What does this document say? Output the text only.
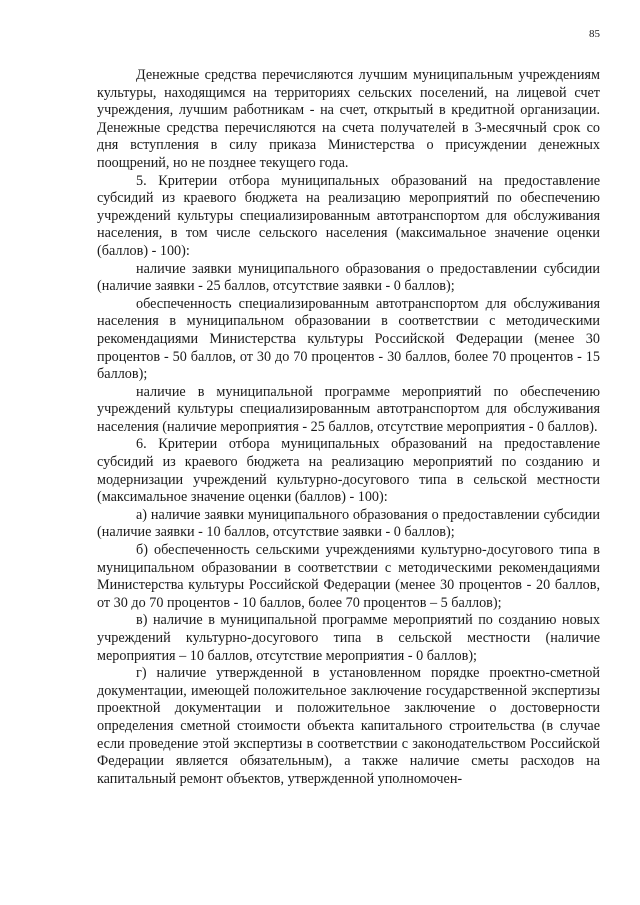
85

Денежные средства перечисляются лучшим муниципальным учреждениям культуры, находящимся на территориях сельских поселений, на лицевой счет учреждения, лучшим работникам - на счет, открытый в кредитной организации. Денежные средства перечисляются на счета получателей в 3-месячный срок со дня вступления в силу приказа Министерства о присуждении денежных поощрений, но не позднее текущего года.

5. Критерии отбора муниципальных образований на предоставление субсидий из краевого бюджета на реализацию мероприятий по обеспечению учреждений культуры специализированным автотранспортом для обслуживания населения, в том числе сельского населения (максимальное значение оценки (баллов) - 100):

наличие заявки муниципального образования о предоставлении субсидии (наличие заявки - 25 баллов, отсутствие заявки - 0 баллов);

обеспеченность специализированным автотранспортом для обслуживания населения в муниципальном образовании в соответствии с методическими рекомендациями Министерства культуры Российской Федерации (менее 30 процентов - 50 баллов, от 30 до 70 процентов - 30 баллов, более 70 процентов - 15 баллов);

наличие в муниципальной программе мероприятий по обеспечению учреждений культуры специализированным автотранспортом для обслуживания населения (наличие мероприятия - 25 баллов, отсутствие мероприятия - 0 баллов).

6. Критерии отбора муниципальных образований на предоставление субсидий из краевого бюджета на реализацию мероприятий по созданию и модернизации учреждений культурно-досугового типа в сельской местности (максимальное значение оценки (баллов) - 100):

а) наличие заявки муниципального образования о предоставлении субсидии (наличие заявки - 10 баллов, отсутствие заявки - 0 баллов);

б) обеспеченность сельскими учреждениями культурно-досугового типа в муниципальном образовании в соответствии с методическими рекомендациями Министерства культуры Российской Федерации (менее 30 процентов - 20 баллов, от 30 до 70 процентов - 10 баллов, более 70 процентов – 5 баллов);

в) наличие в муниципальной программе мероприятий по созданию новых учреждений культурно-досугового типа в сельской местности (наличие мероприятия – 10 баллов, отсутствие мероприятия - 0 баллов);

г) наличие утвержденной в установленном порядке проектно-сметной документации, имеющей положительное заключение государственной экспертизы проектной документации и положительное заключение о достоверности определения сметной стоимости объекта капитального строительства (в случае если проведение этой экспертизы в соответствии с законодательством Российской Федерации является обязательным), а также наличие сметы расходов на капитальный ремонт объектов, утвержденной уполномочен-
